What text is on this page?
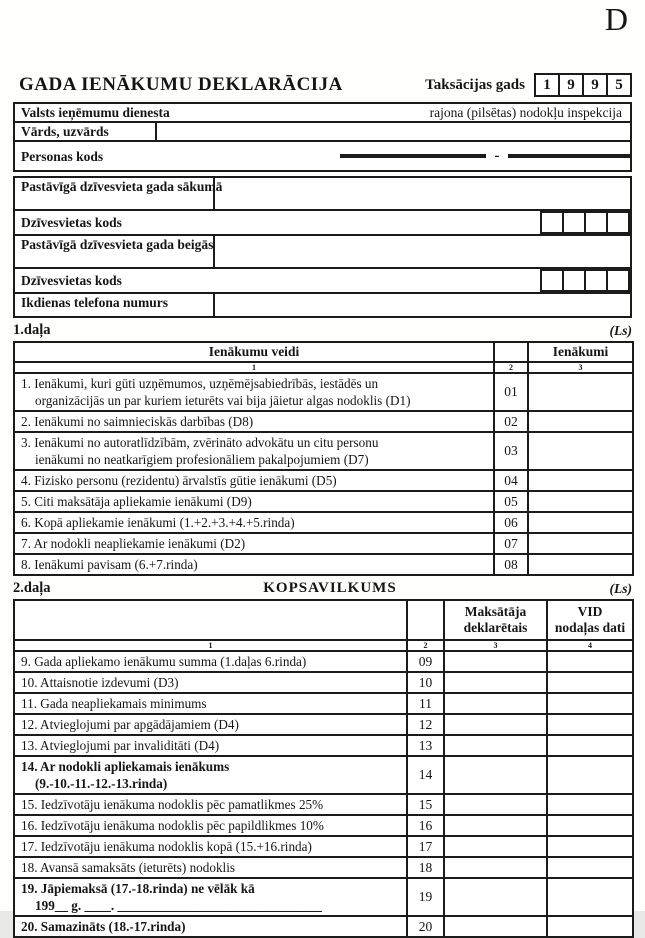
D
GADA IENĀKUMU DEKLARĀCIJA	Taksācijas gads	1	9	9	5
Valsts ieņēmumu dienesta	rajona (pilsētas) nodokļu inspekcija
Vārds, uzvārds
Personas kods	-
Pastāvīgā dzīvesvieta gada sākumā
Dzīvesvietas kods
Pastāvīgā dzīvesvieta gada beigās
Dzīvesvietas kods
Ikdienas telefona numurs
1.daļa	(Ls)
Ienākumu veidi		Ienākumi
1	2	3

1. Ienākumi, kuri gūti uzņēmumos, uzņēmējsabiedrībās, iestādēs un
organizācijās un par kuriem ieturēts vai bija jāietur algas nodoklis (D1)	01	

2. Ienākumi no saimnieciskās darbības (D8)	02	

3. Ienākumi no autoratlīdzībām, zvērināto advokātu un citu personu
ienākumi no neatkarīgiem profesionāliem pakalpojumiem (D7)	03	

4. Fizisko personu (rezidentu) ārvalstīs gūtie ienākumi (D5)	04	

5. Citi maksātāja apliekamie ienākumi (D9)	05	

6. Kopā apliekamie ienākumi (1.+2.+3.+4.+5.rinda)	06	

7. Ar nodokli neapliekamie ienākumi (D2)	07	

8. Ienākumi pavisam (6.+7.rinda)	08	
2.daļa	KOPSAVILKUMS	(Ls)
		Maksātāja deklarētais	VID nodaļas dati
1	2	3	4

9. Gada apliekamo ienākumu summa (1.daļas 6.rinda)	09		

10. Attaisnotie izdevumi (D3)	10		

11. Gada neapliekamais minimums	11		

12. Atvieglojumi par apgādājamiem (D4)	12		

13. Atvieglojumi par invaliditāti (D4)	13		

14. Ar nodokli apliekamais ienākums
(9.-10.-11.-12.-13.rinda)	14		

15. Iedzīvotāju ienākuma nodoklis pēc pamatlikmes 25%	15		

16. Iedzīvotāju ienākuma nodoklis pēc papildlikmes 10%	16		

17. Iedzīvotāju ienākuma nodoklis kopā (15.+16.rinda)	17		

18. Avansā samaksāts (ieturēts) nodoklis	18		

19. Jāpiemaksā (17.-18.rinda) ne vēlāk kā
199__ g. ____. _______________________________	19		

20. Samazināts (18.-17.rinda)	20		
